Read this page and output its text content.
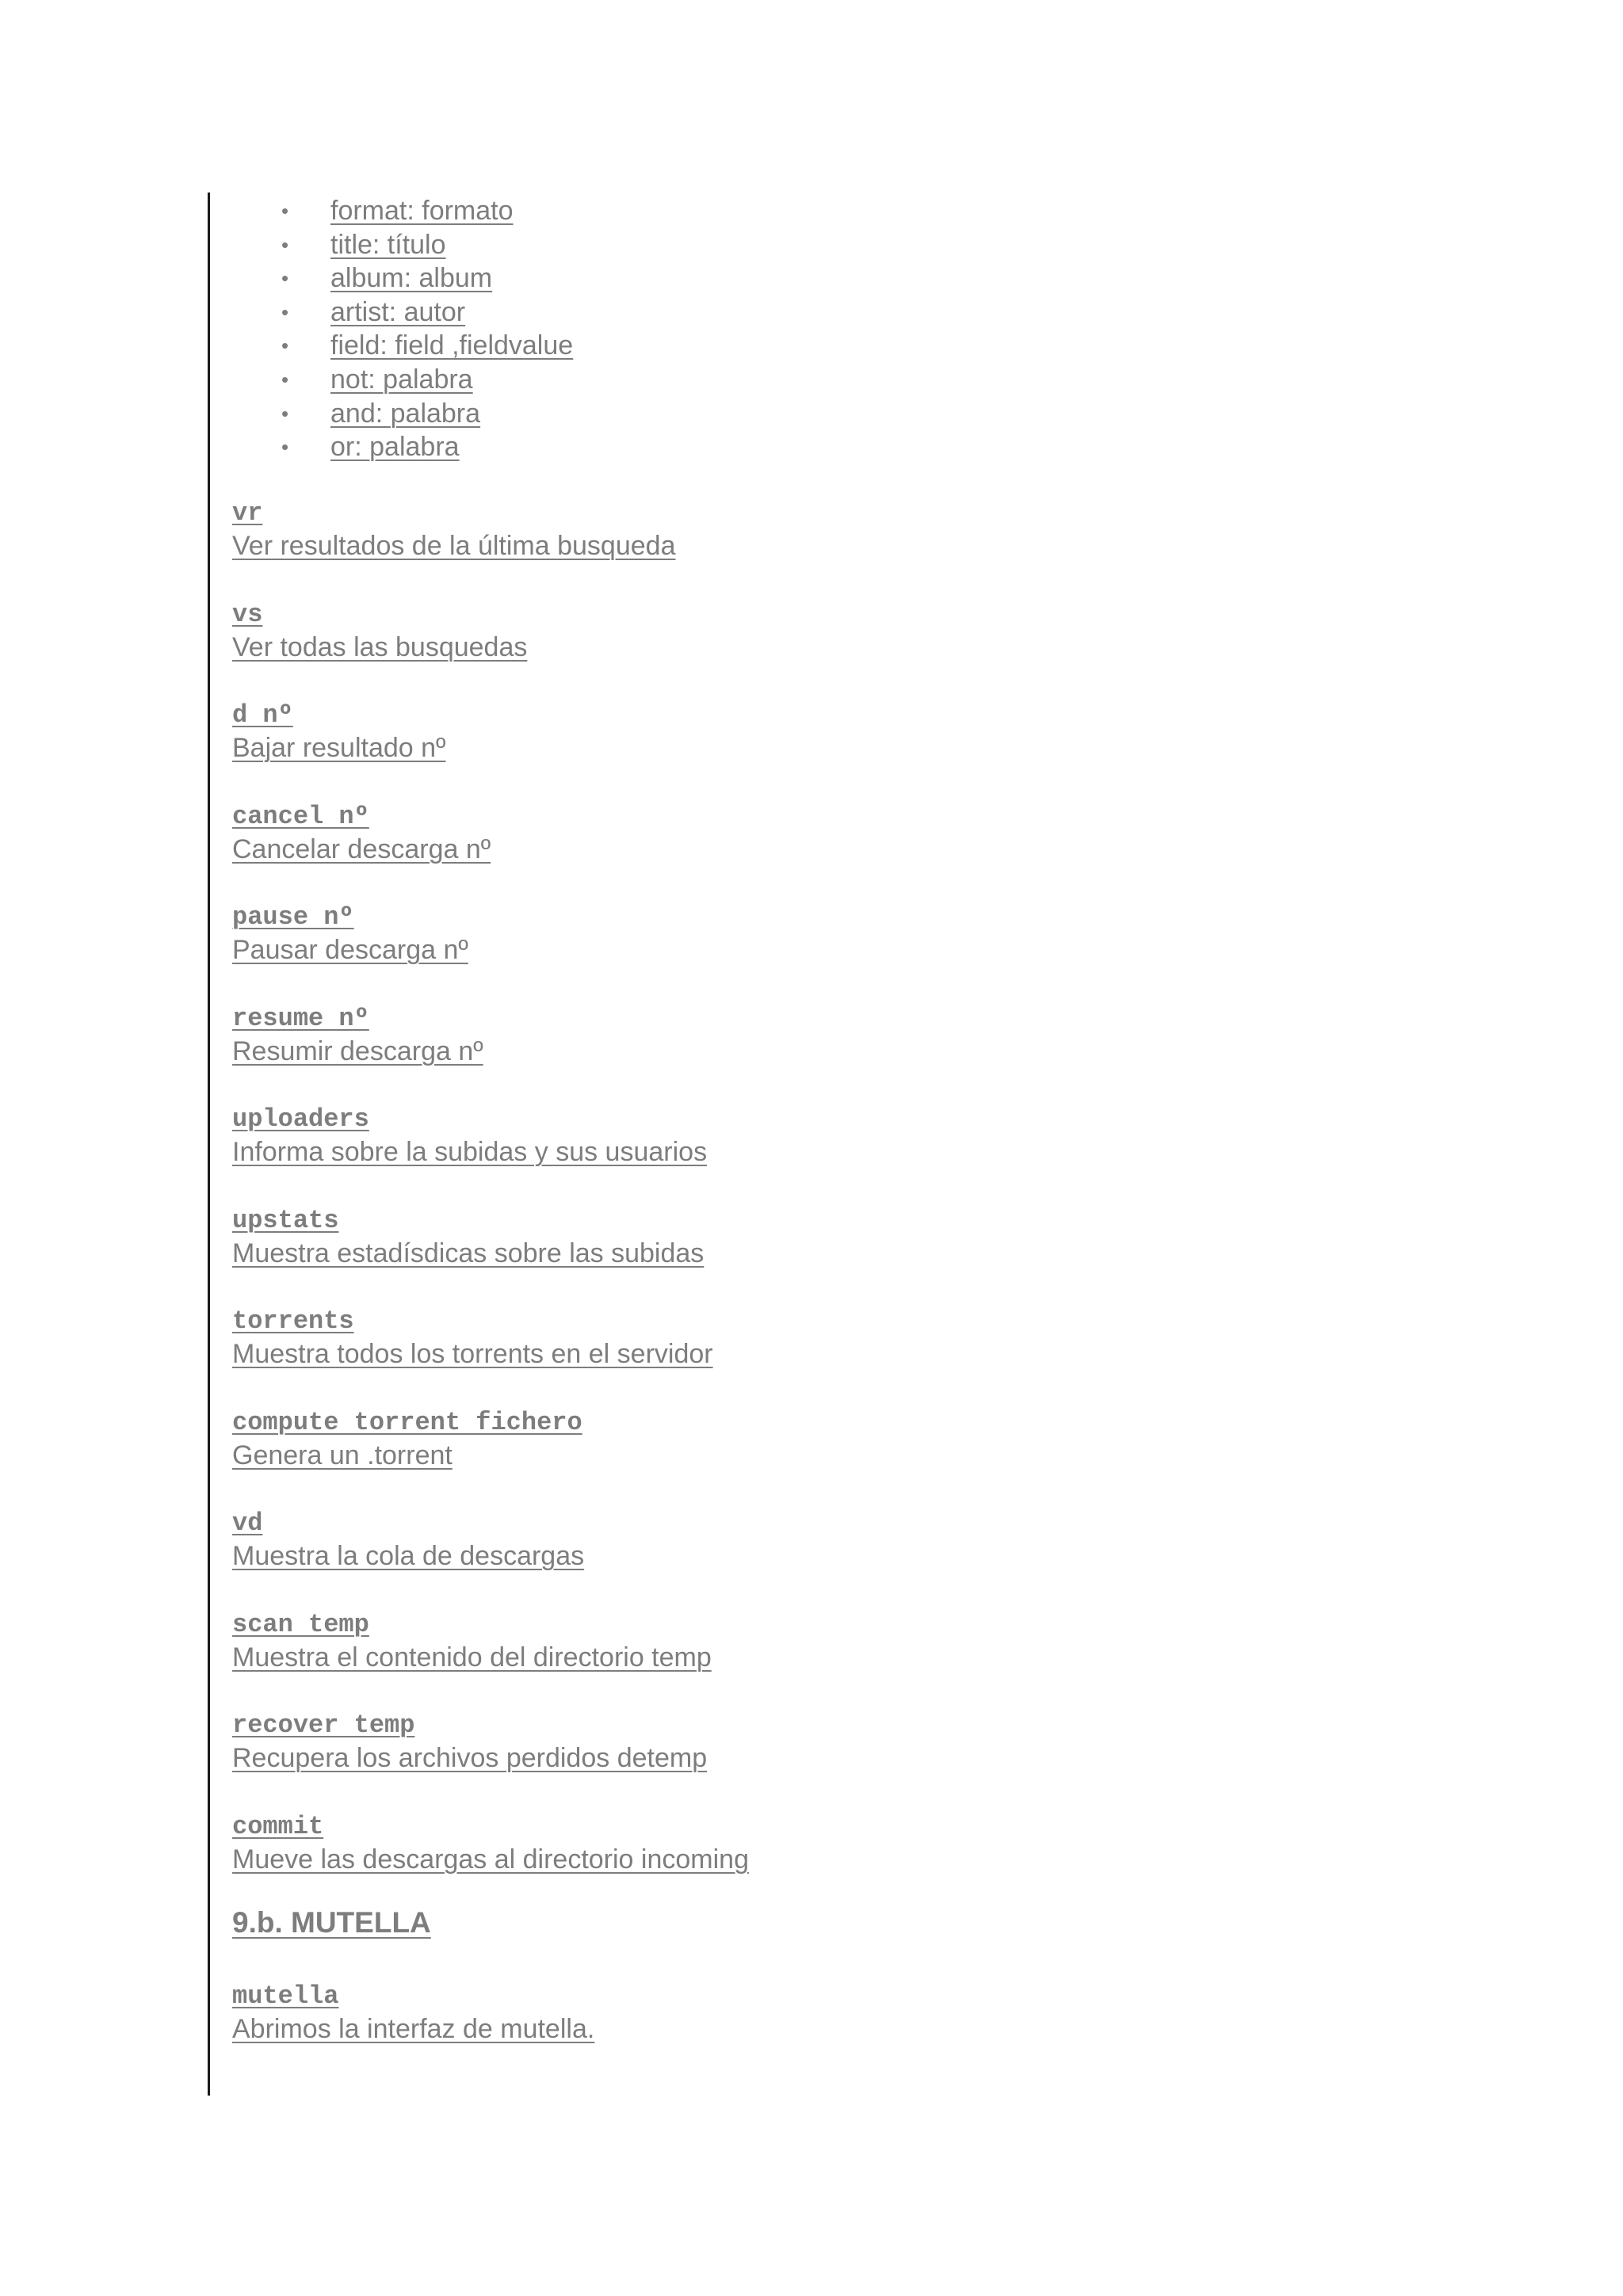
• format: formato
• title: título
• album: album
• artist: autor
• field: field ,fieldvalue
• not: palabra
• and: palabra
• or: palabra
vr
Ver resultados de la última busqueda
vs
Ver todas las busquedas
d nº
Bajar resultado nº
cancel nº
Cancelar descarga nº
pause nº
Pausar descarga nº
resume nº
Resumir descarga nº
uploaders
Informa sobre la subidas y sus usuarios
upstats
Muestra estadísdicas sobre las subidas
torrents
Muestra todos los torrents en el servidor
compute torrent fichero
Genera un .torrent
vd
Muestra la cola de descargas
scan temp
Muestra el contenido del directorio temp
recover temp
Recupera los archivos perdidos detemp
commit
Mueve las descargas al directorio incoming
9.b. MUTELLA
mutella
Abrimos la interfaz de mutella.
